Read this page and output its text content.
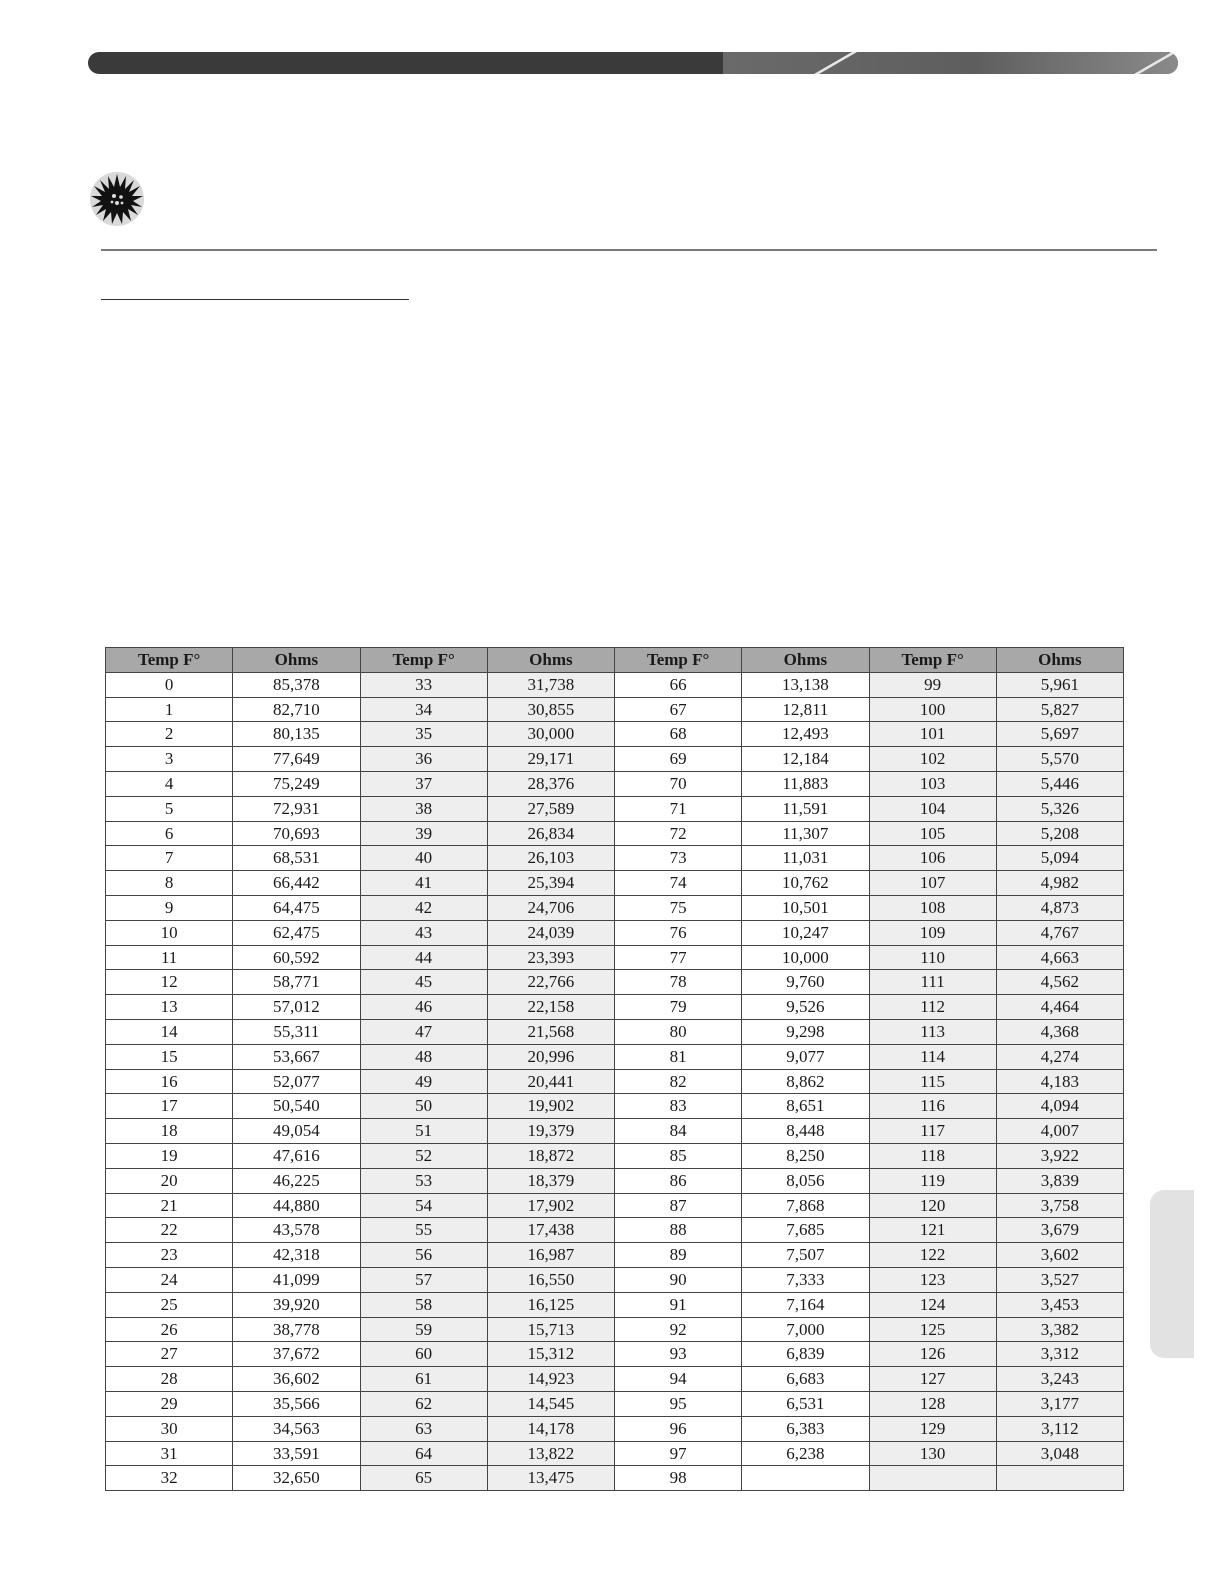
Temp F°	Ohms	Temp F°	Ohms	Temp F°	Ohms	Temp F°	Ohms
0	85,378	33	31,738	66	13,138	99	5,961
1	82,710	34	30,855	67	12,811	100	5,827
2	80,135	35	30,000	68	12,493	101	5,697
3	77,649	36	29,171	69	12,184	102	5,570
4	75,249	37	28,376	70	11,883	103	5,446
5	72,931	38	27,589	71	11,591	104	5,326
6	70,693	39	26,834	72	11,307	105	5,208
7	68,531	40	26,103	73	11,031	106	5,094
8	66,442	41	25,394	74	10,762	107	4,982
9	64,475	42	24,706	75	10,501	108	4,873
10	62,475	43	24,039	76	10,247	109	4,767
11	60,592	44	23,393	77	10,000	110	4,663
12	58,771	45	22,766	78	9,760	111	4,562
13	57,012	46	22,158	79	9,526	112	4,464
14	55,311	47	21,568	80	9,298	113	4,368
15	53,667	48	20,996	81	9,077	114	4,274
16	52,077	49	20,441	82	8,862	115	4,183
17	50,540	50	19,902	83	8,651	116	4,094
18	49,054	51	19,379	84	8,448	117	4,007
19	47,616	52	18,872	85	8,250	118	3,922
20	46,225	53	18,379	86	8,056	119	3,839
21	44,880	54	17,902	87	7,868	120	3,758
22	43,578	55	17,438	88	7,685	121	3,679
23	42,318	56	16,987	89	7,507	122	3,602
24	41,099	57	16,550	90	7,333	123	3,527
25	39,920	58	16,125	91	7,164	124	3,453
26	38,778	59	15,713	92	7,000	125	3,382
27	37,672	60	15,312	93	6,839	126	3,312
28	36,602	61	14,923	94	6,683	127	3,243
29	35,566	62	14,545	95	6,531	128	3,177
30	34,563	63	14,178	96	6,383	129	3,112
31	33,591	64	13,822	97	6,238	130	3,048
32	32,650	65	13,475	98			
